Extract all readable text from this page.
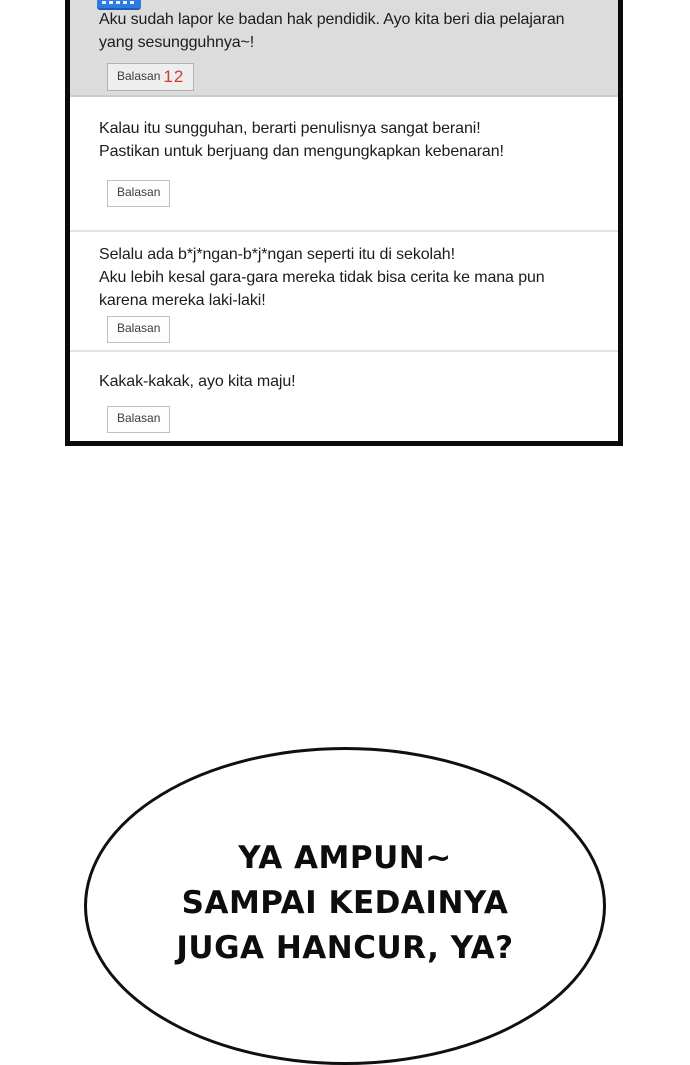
Aku sudah lapor ke badan hak pendidik. Ayo kita beri dia pelajaran
yang sesungguhnya~!
Balasan 12
Kalau itu sungguhan, berarti penulisnya sangat berani!
Pastikan untuk berjuang dan mengungkapkan kebenaran!
Balasan
Selalu ada b*j*ngan-b*j*ngan seperti itu di sekolah!
Aku lebih kesal gara-gara mereka tidak bisa cerita ke mana pun
karena mereka laki-laki!
Balasan
Kakak-kakak, ayo kita maju!
Balasan
YA AMPUN~
SAMPAI KEDAINYA
JUGA HANCUR, YA?
